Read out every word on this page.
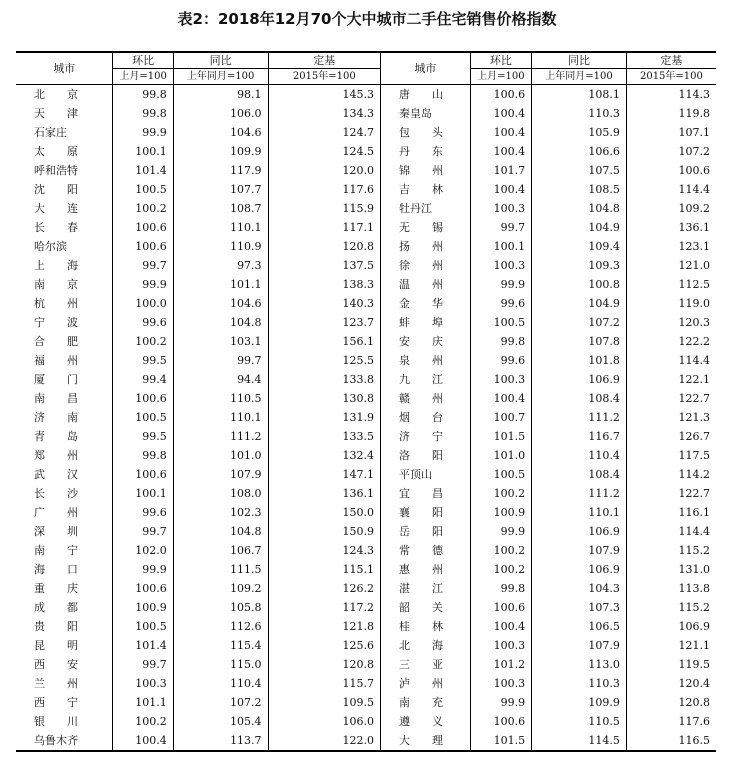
表2：2018年12月70个大中城市二手住宅销售价格指数
城市	环比	同比	定基	城市	环比	同比	定基
	上月=100	上年同月=100	2015年=100		上月=100	上年同月=100	2015年=100
北　　京	99.8	98.1	145.3	唐　　山	100.6	108.1	114.3
天　　津	99.8	106.0	134.3	秦皇岛	100.4	110.3	119.8
石家庄	99.9	104.6	124.7	包　　头	100.4	105.9	107.1
太　　原	100.1	109.9	124.5	丹　　东	100.4	106.6	107.2
呼和浩特	101.4	117.9	120.0	锦　　州	101.7	107.5	100.6
沈　　阳	100.5	107.7	117.6	吉　　林	100.4	108.5	114.4
大　　连	100.2	108.7	115.9	牡丹江	100.3	104.8	109.2
长　　春	100.6	110.1	117.1	无　　锡	99.7	104.9	136.1
哈尔滨	100.6	110.9	120.8	扬　　州	100.1	109.4	123.1
上　　海	99.7	97.3	137.5	徐　　州	100.3	109.3	121.0
南　　京	99.9	101.1	138.3	温　　州	99.9	100.8	112.5
杭　　州	100.0	104.6	140.3	金　　华	99.6	104.9	119.0
宁　　波	99.6	104.8	123.7	蚌　　埠	100.5	107.2	120.3
合　　肥	100.2	103.1	156.1	安　　庆	99.8	107.8	122.2
福　　州	99.5	99.7	125.5	泉　　州	99.6	101.8	114.4
厦　　门	99.4	94.4	133.8	九　　江	100.3	106.9	122.1
南　　昌	100.6	110.5	130.8	赣　　州	100.4	108.4	122.7
济　　南	100.5	110.1	131.9	烟　　台	100.7	111.2	121.3
青　　岛	99.5	111.2	133.5	济　　宁	101.5	116.7	126.7
郑　　州	99.8	101.0	132.4	洛　　阳	101.0	110.4	117.5
武　　汉	100.6	107.9	147.1	平顶山	100.5	108.4	114.2
长　　沙	100.1	108.0	136.1	宜　　昌	100.2	111.2	122.7
广　　州	99.6	102.3	150.0	襄　　阳	100.9	110.1	116.1
深　　圳	99.7	104.8	150.9	岳　　阳	99.9	106.9	114.4
南　　宁	102.0	106.7	124.3	常　　德	100.2	107.9	115.2
海　　口	99.9	111.5	115.1	惠　　州	100.2	106.9	131.0
重　　庆	100.6	109.2	126.2	湛　　江	99.8	104.3	113.8
成　　都	100.9	105.8	117.2	韶　　关	100.6	107.3	115.2
贵　　阳	100.5	112.6	121.8	桂　　林	100.4	106.5	106.9
昆　　明	101.4	115.4	125.6	北　　海	100.3	107.9	121.1
西　　安	99.7	115.0	120.8	三　　亚	101.2	113.0	119.5
兰　　州	100.3	110.4	115.7	泸　　州	100.3	110.3	120.4
西　　宁	101.1	107.2	109.5	南　　充	99.9	109.9	120.8
银　　川	100.2	105.4	106.0	遵　　义	100.6	110.5	117.6
乌鲁木齐	100.4	113.7	122.0	大　　理	101.5	114.5	116.5
